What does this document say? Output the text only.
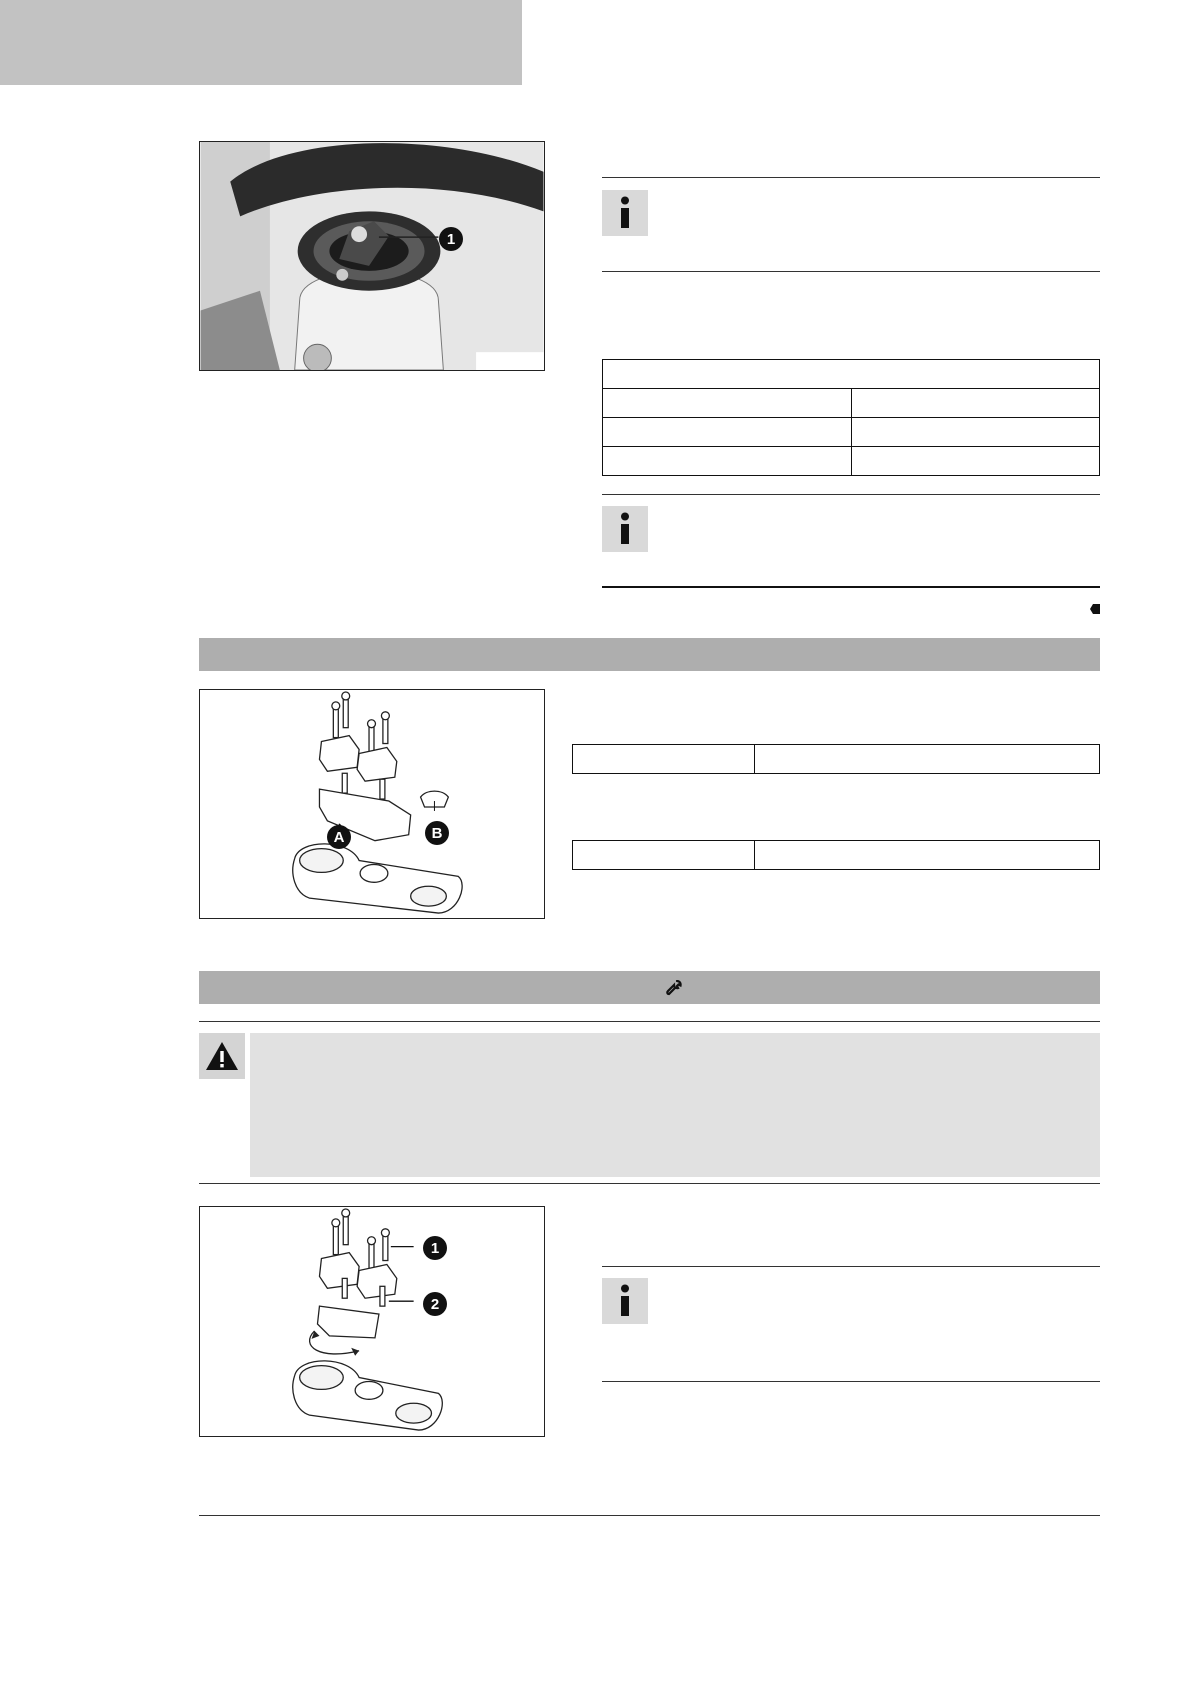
1

A	B

1
2
